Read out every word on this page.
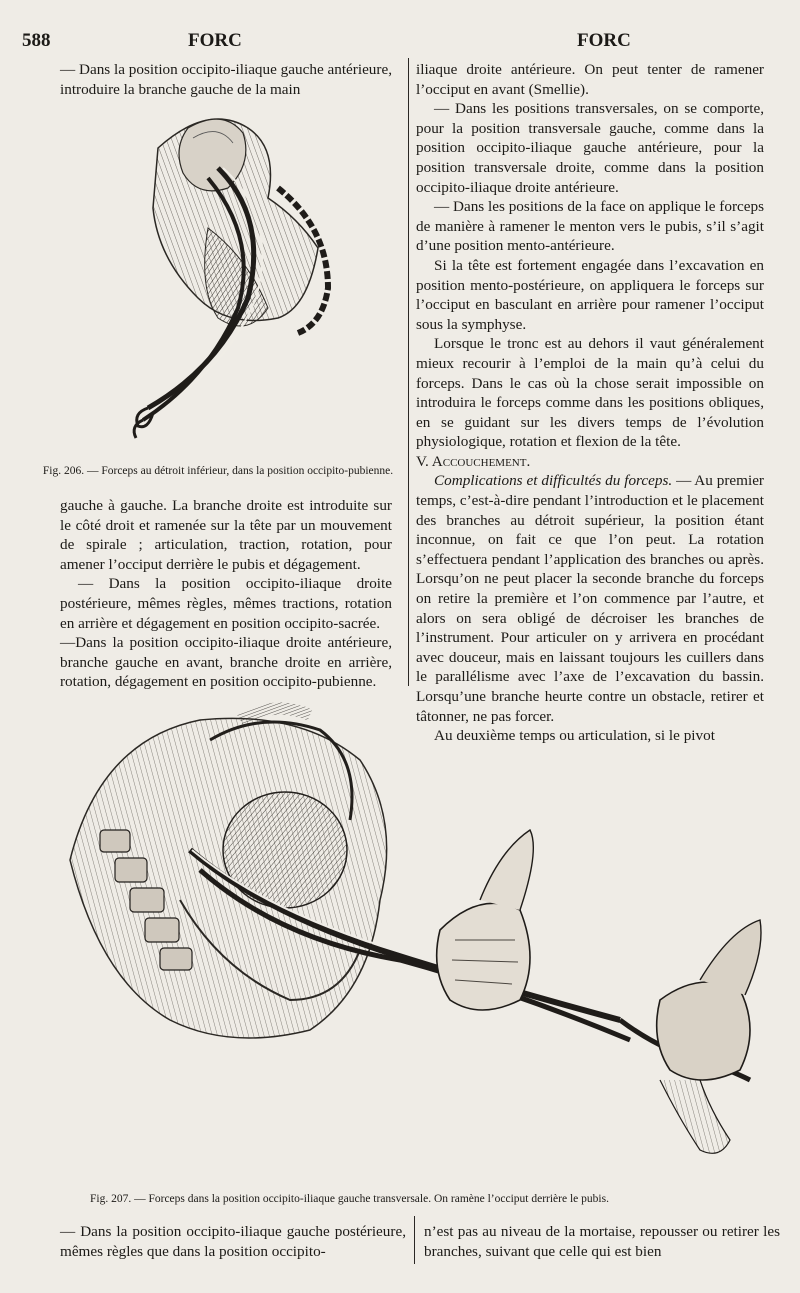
588	FORC	FORC

— Dans la position occipito-iliaque gauche antérieure, introduire la branche gauche de la main

Fig. 206. — Forceps au détroit inférieur, dans la position occipito-pubienne.

gauche à gauche. La branche droite est introduite sur le côté droit et ramenée sur la tête par un mouvement de spirale ; articulation, traction, rotation, pour amener l’occiput derrière le pubis et dégagement.

— Dans la position occipito-iliaque droite postérieure, mêmes règles, mêmes tractions, rotation en arrière et dégagement en position occipito-sacrée.

—Dans la position occipito-iliaque droite antérieure, branche gauche en avant, branche droite en arrière, rotation, dégagement en position occipito-pubienne.

iliaque droite antérieure. On peut tenter de ramener l’occiput en avant (Smellie).

— Dans les positions transversales, on se comporte, pour la position transversale gauche, comme dans la position occipito-iliaque gauche antérieure, pour la position transversale droite, comme dans la position occipito-iliaque droite antérieure.

— Dans les positions de la face on applique le forceps de manière à ramener le menton vers le pubis, s’il s’agit d’une position mento-antérieure.

Si la tête est fortement engagée dans l’excavation en position mento-postérieure, on appliquera le forceps sur l’occiput en basculant en arrière pour ramener l’occiput sous la symphyse.

Lorsque le tronc est au dehors il vaut généralement mieux recourir à l’emploi de la main qu’à celui du forceps. Dans le cas où la chose serait impossible on introduira le forceps comme dans les positions obliques, en se guidant sur les divers temps de l’évolution physiologique, rotation et flexion de la tête.

V. Accouchement.

Complications et difficultés du forceps. — Au premier temps, c’est-à-dire pendant l’introduction et le placement des branches au détroit supérieur, la position étant inconnue, on fait ce que l’on peut. La rotation s’effectuera pendant l’application des branches ou après. Lorsqu’on ne peut placer la seconde branche du forceps on retire la première et l’on commence par l’autre, et alors on sera obligé de décroiser les branches de l’instrument. Pour articuler on y arrivera en procédant avec douceur, mais en laissant toujours les cuillers dans le parallélisme avec l’axe de l’excavation du bassin. Lorsqu’une branche heurte contre un obstacle, retirer et tâtonner, ne pas forcer.

Au deuxième temps ou articulation, si le pivot

Fig. 207. — Forceps dans la position occipito-iliaque gauche transversale. On ramène l’occiput derrière le pubis.

— Dans la position occipito-iliaque gauche postérieure, mêmes règles que dans la position occipito-

n’est pas au niveau de la mortaise, repousser ou retirer les branches, suivant que celle qui est bien
